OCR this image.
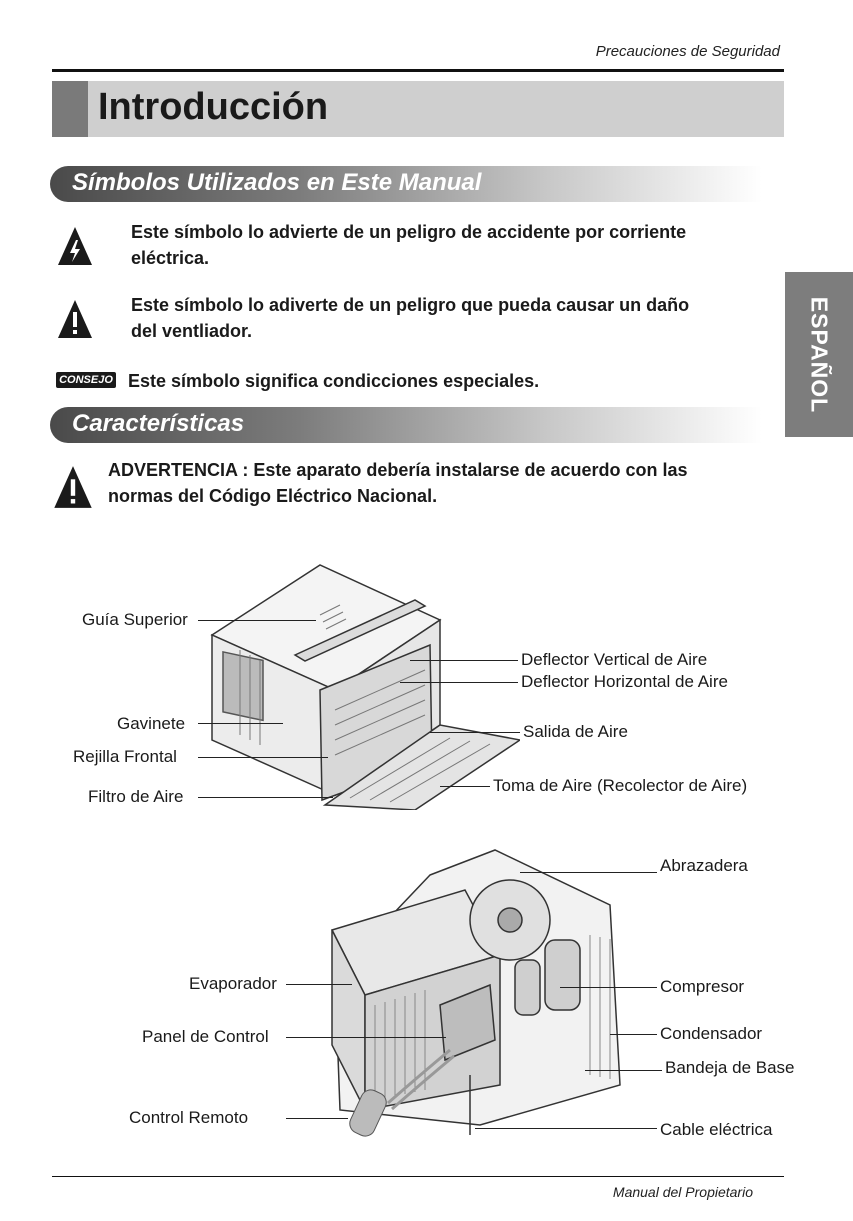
Precauciones de Seguridad
Introducción
ESPAÑOL
Símbolos Utilizados en Este Manual
Este símbolo lo advierte de un peligro de accidente por corriente
eléctrica.
Este símbolo lo adiverte de un peligro que pueda causar un daño
del ventliador.
CONSEJO Este símbolo significa condicciones especiales.
Características
ADVERTENCIA : Este aparato debería instalarse de acuerdo con las
normas del Código Eléctrico Nacional.
Guía Superior
Gavinete
Rejilla Frontal
Filtro de Aire
Deflector Vertical de Aire
Deflector Horizontal de Aire
Salida de Aire
Toma de Aire (Recolector de Aire)
Abrazadera
Evaporador	Compresor
Panel de Control	Condensador
Bandeja de Base
Control Remoto
Cable eléctrica
Manual del Propietario
